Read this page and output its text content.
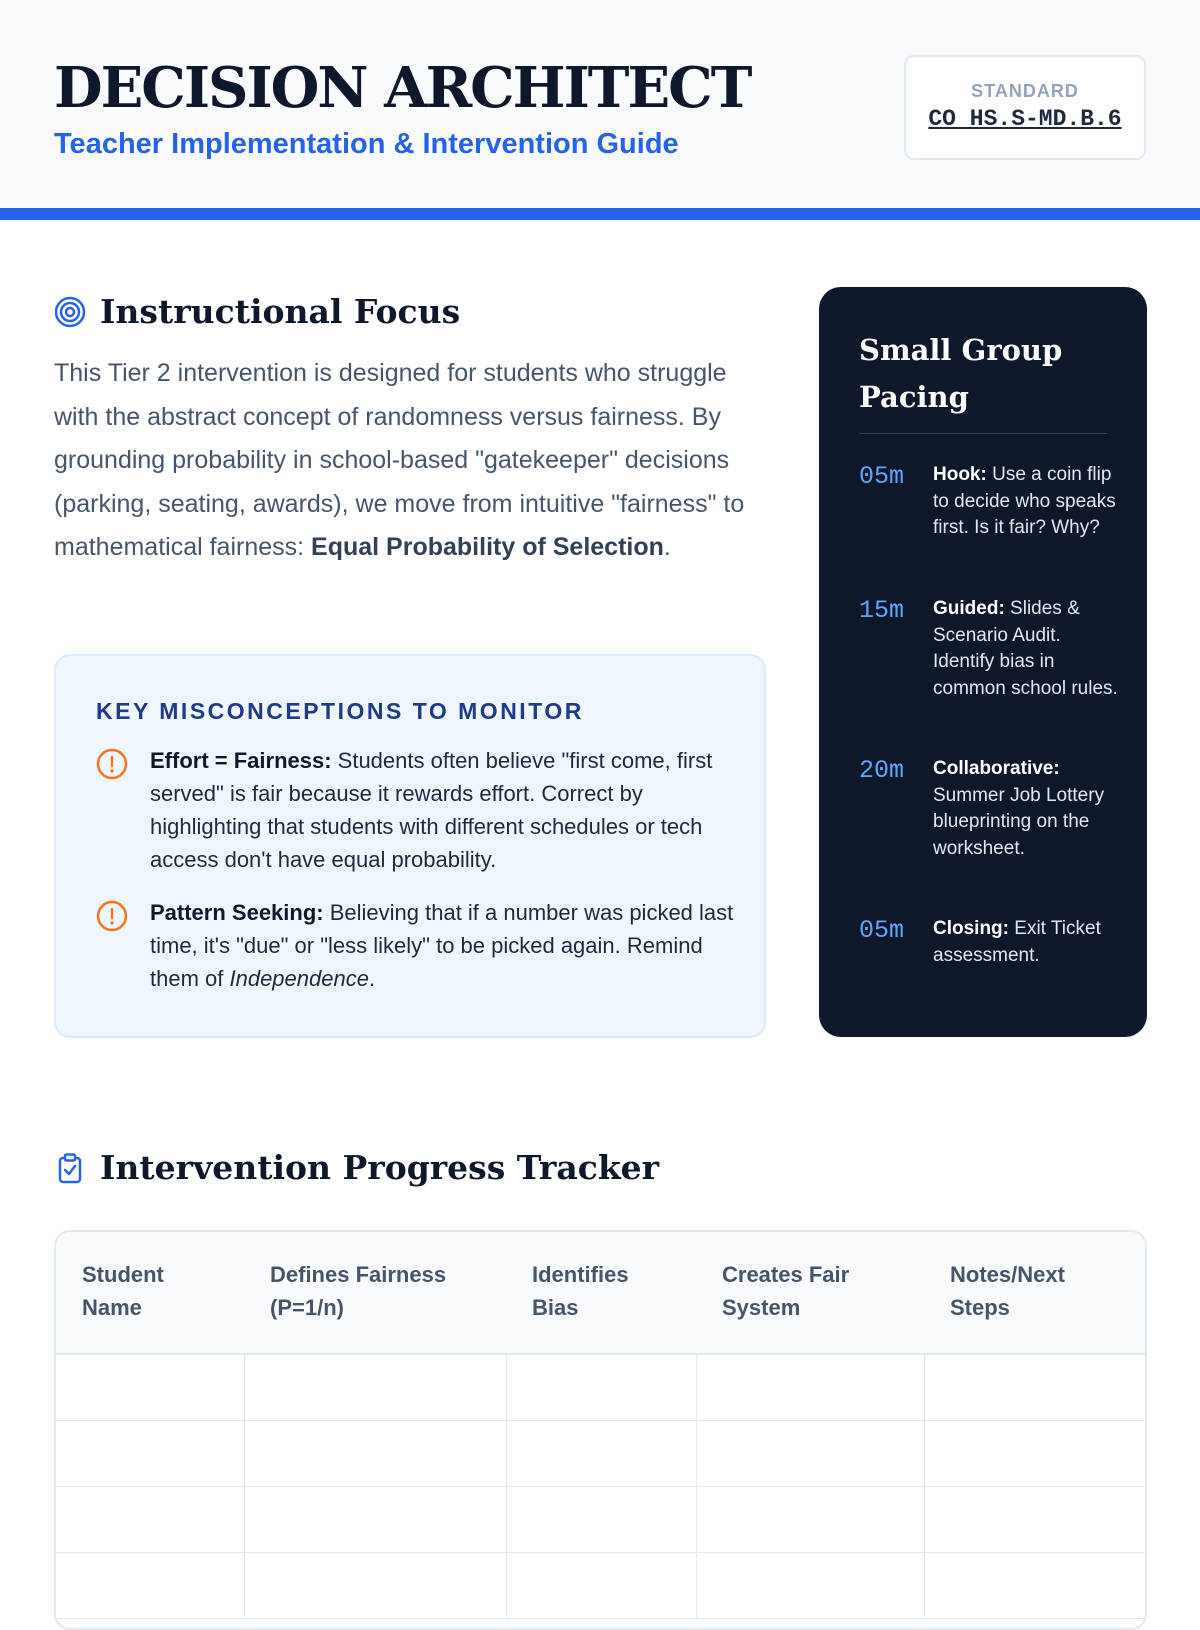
DECISION ARCHITECT
Teacher Implementation & Intervention Guide
STANDARD
CO HS.S-MD.B.6
Instructional Focus
This Tier 2 intervention is designed for students who struggle with the abstract concept of randomness versus fairness. By grounding probability in school-based "gatekeeper" decisions (parking, seating, awards), we move from intuitive "fairness" to mathematical fairness: Equal Probability of Selection.
KEY MISCONCEPTIONS TO MONITOR

Effort = Fairness: Students often believe "first come, first served" is fair because it rewards effort. Correct by highlighting that students with different schedules or tech access don't have equal probability.

Pattern Seeking: Believing that if a number was picked last time, it's "due" or "less likely" to be picked again. Remind them of Independence.

Small Group Pacing
05m	Hook: Use a coin flip to decide who speaks first. Is it fair? Why?

15m	Guided: Slides & Scenario Audit. Identify bias in common school rules.

20m	Collaborative: Summer Job Lottery blueprinting on the worksheet.

05m	Closing: Exit Ticket assessment.

Intervention Progress Tracker
Student Name	Defines Fairness (P=1/n)	Identifies Bias	Creates Fair System	Notes/Next Steps
